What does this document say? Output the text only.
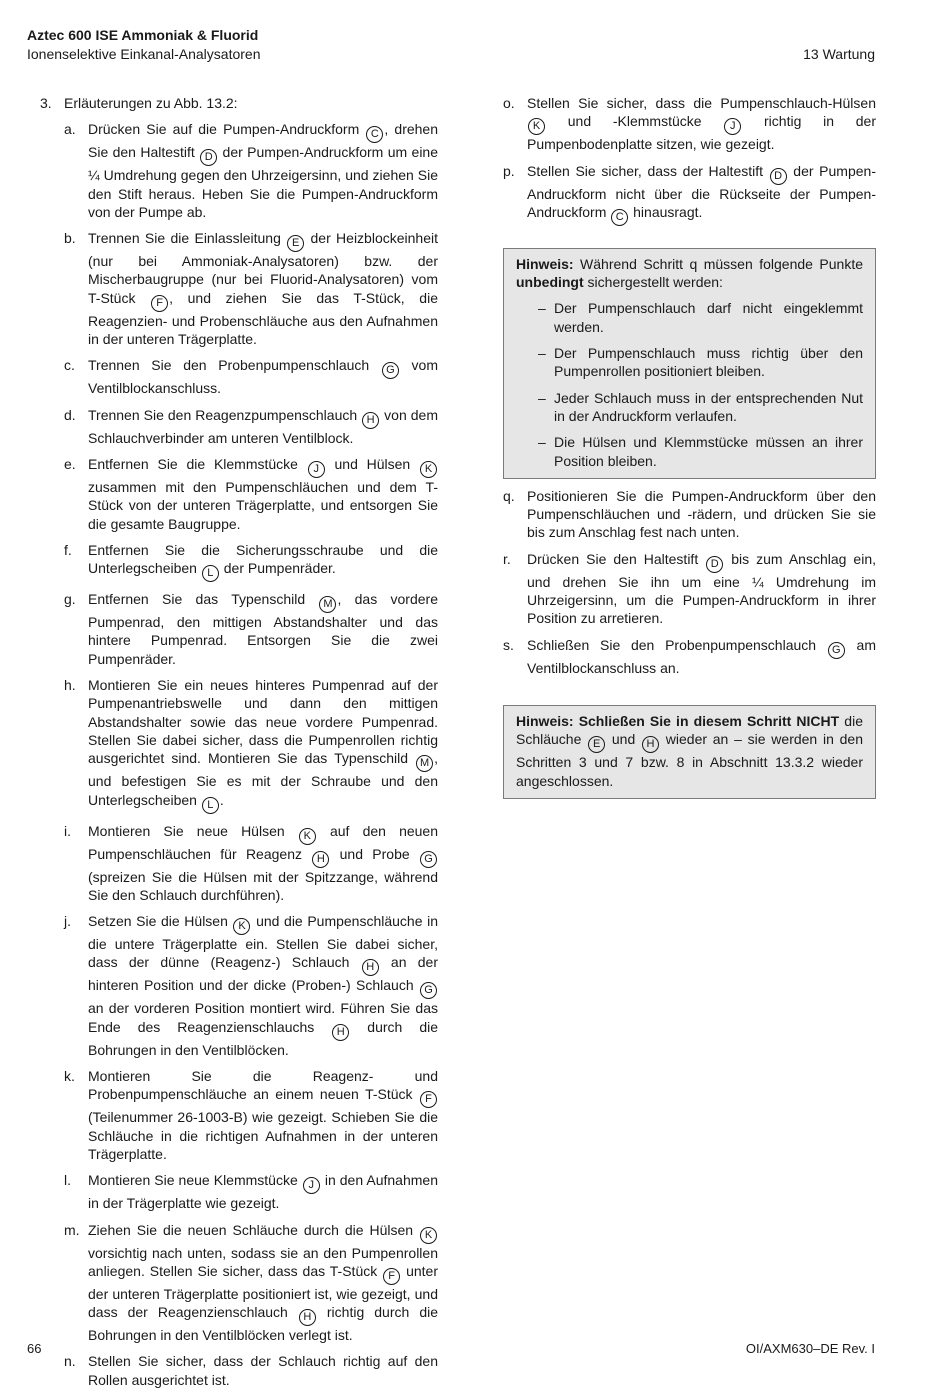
Aztec 600 ISE Ammoniak & Fluorid
Ionenselektive Einkanal-Analysatoren	13 Wartung
3. Erläuterungen zu Abb. 13.2:
a. Drücken Sie auf die Pumpen-Andruckform C , drehen Sie den Haltestift D der Pumpen-Andruckform um eine ¼ Umdrehung gegen den Uhrzeigersinn, und ziehen Sie den Stift heraus. Heben Sie die Pumpen-Andruckform von der Pumpe ab.
b. Trennen Sie die Einlassleitung E der Heizblockeinheit (nur bei Ammoniak-Analysatoren) bzw. der Mischerbaugruppe (nur bei Fluorid-Analysatoren) vom T-Stück F , und ziehen Sie das T-Stück, die Reagenzien- und Probenschläuche aus den Aufnahmen in der unteren Trägerplatte.
c. Trennen Sie den Probenpumpenschlauch G vom Ventilblockanschluss.
d. Trennen Sie den Reagenzpumpenschlauch H von dem Schlauchverbinder am unteren Ventilblock.
e. Entfernen Sie die Klemmstücke J und Hülsen K zusammen mit den Pumpenschläuchen und dem T-Stück von der unteren Trägerplatte, und entsorgen Sie die gesamte Baugruppe.
f.	Entfernen Sie die Sicherungsschraube und die Unterlegscheiben L der Pumpenräder.
g. Entfernen Sie das Typenschild M , das vordere Pumpenrad, den mittigen Abstandshalter und das hintere Pumpenrad. Entsorgen Sie die zwei Pumpenräder.
h. Montieren Sie ein neues hinteres Pumpenrad auf der Pumpenantriebswelle und dann den mittigen Abstandshalter sowie das neue vordere Pumpenrad. Stellen Sie dabei sicher, dass die Pumpenrollen richtig ausgerichtet sind. Montieren Sie das Typenschild M , und befestigen Sie es mit der Schraube und den Unterlegscheiben L .
i.	Montieren Sie neue Hülsen K auf den neuen Pumpenschläuchen für Reagenz H und Probe G (spreizen Sie die Hülsen mit der Spitzzange, während Sie den Schlauch durchführen).
j.	Setzen Sie die Hülsen K und die Pumpenschläuche in die untere Trägerplatte ein. Stellen Sie dabei sicher, dass der dünne (Reagenz-) Schlauch H an der hinteren Position und der dicke (Proben-) Schlauch G an der vorderen Position montiert wird. Führen Sie das Ende des Reagenzienschlauchs H durch die Bohrungen in den Ventilblöcken.
k. Montieren Sie die Reagenz- und Probenpumpenschläuche an einem neuen T-Stück F (Teilenummer 26-1003-B) wie gezeigt. Schieben Sie die Schläuche in die richtigen Aufnahmen in der unteren Trägerplatte.
l.	Montieren Sie neue Klemmstücke J in den Aufnahmen in der Trägerplatte wie gezeigt.
m. Ziehen Sie die neuen Schläuche durch die Hülsen K vorsichtig nach unten, sodass sie an den Pumpenrollen anliegen. Stellen Sie sicher, dass das T-Stück F unter der unteren Trägerplatte positioniert ist, wie gezeigt, und dass der Reagenzienschlauch H richtig durch die Bohrungen in den Ventilblöcken verlegt ist.
n. Stellen Sie sicher, dass der Schlauch richtig auf den Rollen ausgerichtet ist.
o. Stellen Sie sicher, dass die Pumpenschlauch-Hülsen K und -Klemmstücke J richtig in der Pumpenbodenplatte sitzen, wie gezeigt.
p. Stellen Sie sicher, dass der Haltestift D der Pumpen-Andruckform nicht über die Rückseite der Pumpen-Andruckform C hinausragt.
Hinweis: Während Schritt q müssen folgende Punkte unbedingt sichergestellt werden:
– Der Pumpenschlauch darf nicht eingeklemmt werden.
– Der Pumpenschlauch muss richtig über den Pumpenrollen positioniert bleiben.
– Jeder Schlauch muss in der entsprechenden Nut in der Andruckform verlaufen.
– Die Hülsen und Klemmstücke müssen an ihrer Position bleiben.
q. Positionieren Sie die Pumpen-Andruckform über den Pumpenschläuchen und -rädern, und drücken Sie sie bis zum Anschlag fest nach unten.
r.	Drücken Sie den Haltestift D bis zum Anschlag ein, und drehen Sie ihn um eine ¼ Umdrehung im Uhrzeigersinn, um die Pumpen-Andruckform in ihrer Position zu arretieren.
s. Schließen Sie den Probenpumpenschlauch G am Ventilblockanschluss an.
Hinweis: Schließen Sie in diesem Schritt NICHT die Schläuche E und H wieder an – sie werden in den Schritten 3 und 7 bzw. 8 in Abschnitt 13.3.2 wieder angeschlossen.
66	OI/AXM630–DE Rev. I
